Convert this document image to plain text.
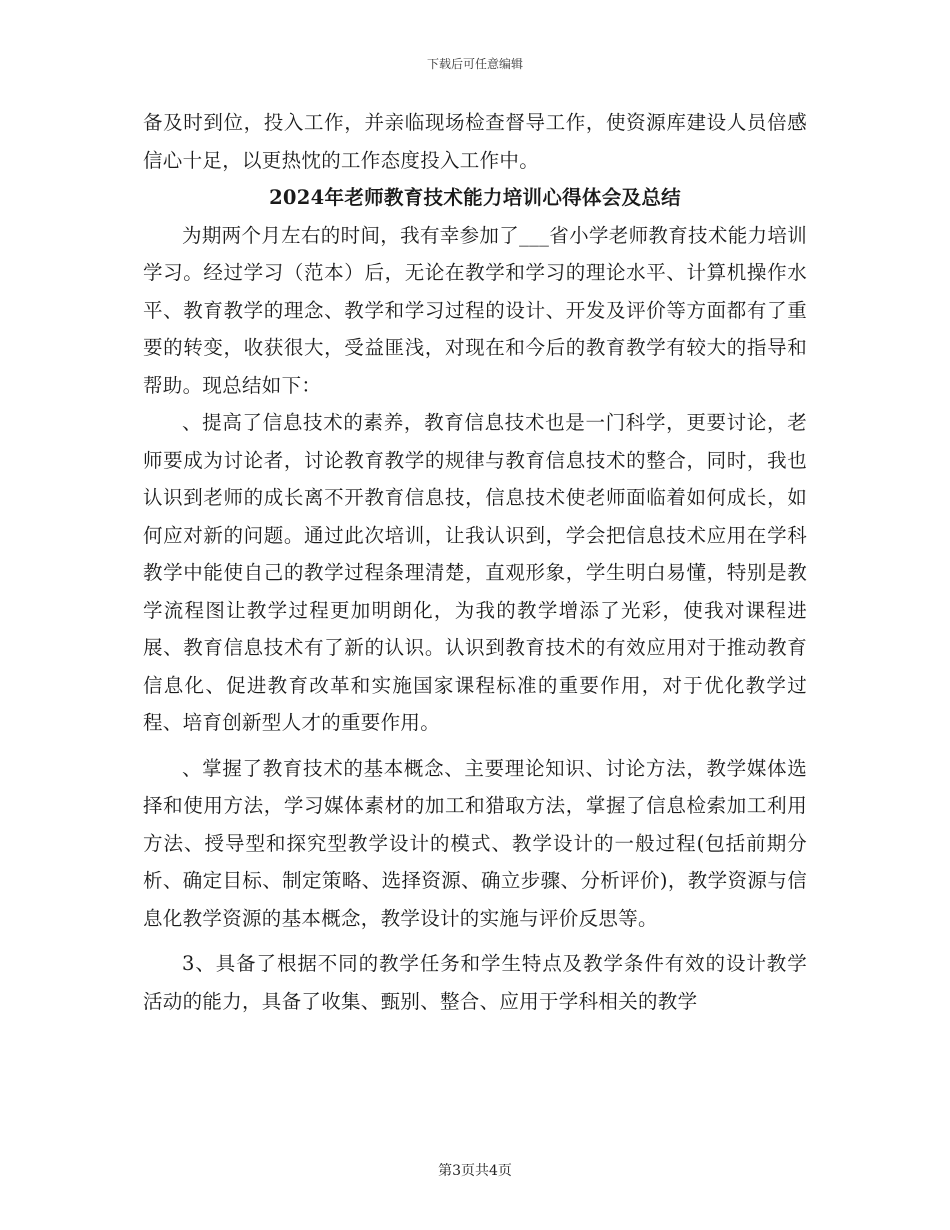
下载后可任意编辑

备及时到位，投入工作，并亲临现场检查督导工作，使资源库建设人员倍感信心十足，以更热忱的工作态度投入工作中。

2024年老师教育技术能力培训心得体会及总结

为期两个月左右的时间，我有幸参加了___省小学老师教育技术能力培训学习。经过学习（范本）后，无论在教学和学习的理论水平、计算机操作水平、教育教学的理念、教学和学习过程的设计、开发及评价等方面都有了重要的转变，收获很大，受益匪浅，对现在和今后的教育教学有较大的指导和帮助。现总结如下：

、提高了信息技术的素养，教育信息技术也是一门科学，更要讨论，老师要成为讨论者，讨论教育教学的规律与教育信息技术的整合，同时，我也认识到老师的成长离不开教育信息技，信息技术使老师面临着如何成长，如何应对新的问题。通过此次培训，让我认识到，学会把信息技术应用在学科教学中能使自己的教学过程条理清楚，直观形象，学生明白易懂，特别是教学流程图让教学过程更加明朗化，为我的教学增添了光彩，使我对课程进展、教育信息技术有了新的认识。认识到教育技术的有效应用对于推动教育信息化、促进教育改革和实施国家课程标准的重要作用，对于优化教学过程、培育创新型人才的重要作用。

、掌握了教育技术的基本概念、主要理论知识、讨论方法，教学媒体选择和使用方法，学习媒体素材的加工和猎取方法，掌握了信息检索加工利用方法、授导型和探究型教学设计的模式、教学设计的一般过程(包括前期分析、确定目标、制定策略、选择资源、确立步骤、分析评价)，教学资源与信息化教学资源的基本概念，教学设计的实施与评价反思等。

3、具备了根据不同的教学任务和学生特点及教学条件有效的设计教学活动的能力，具备了收集、甄别、整合、应用于学科相关的教学

第3页共4页
